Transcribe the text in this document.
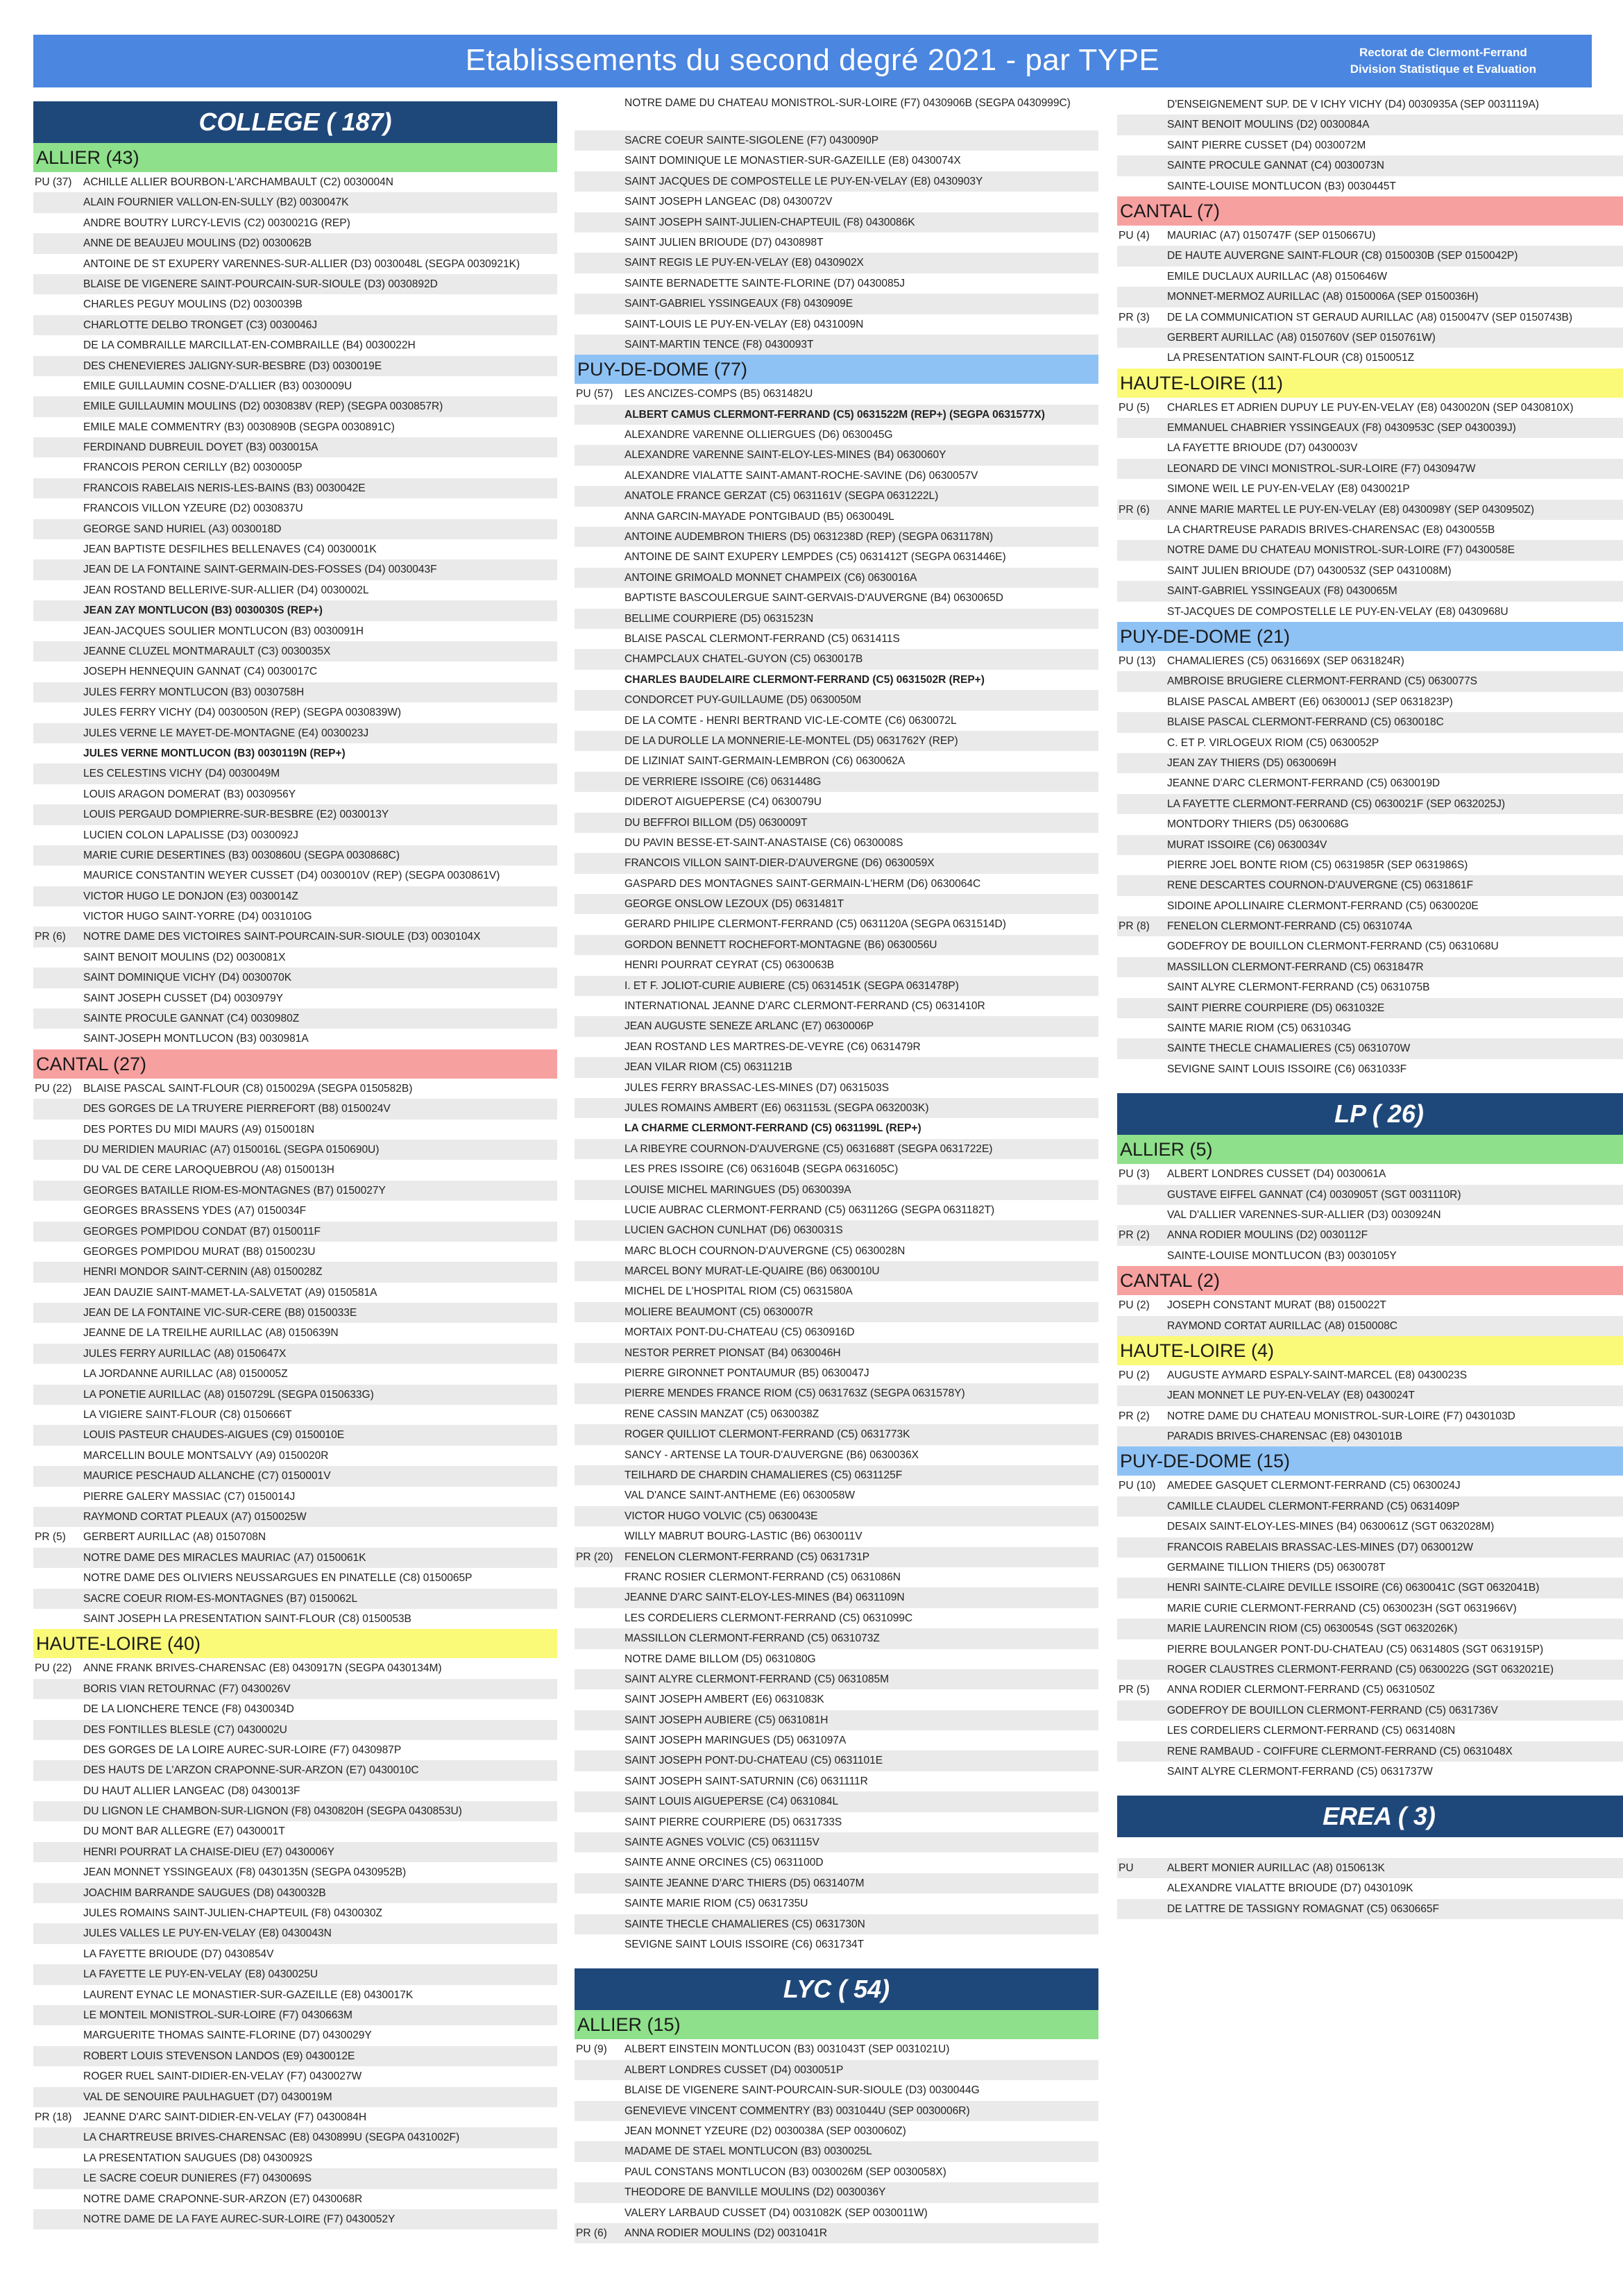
Etablissements du second degré 2021 - par TYPE	Rectorat de Clermont-Ferrand
Division Statistique et Evaluation
COLLEGE ( 187)
ALLIER (43)
PU (37) ACHILLE ALLIER BOURBON-L'ARCHAMBAULT (C2) 0030004N
ALAIN FOURNIER VALLON-EN-SULLY (B2) 0030047K
ANDRE BOUTRY LURCY-LEVIS (C2) 0030021G (REP)
ANNE DE BEAUJEU MOULINS (D2) 0030062B
ANTOINE DE ST EXUPERY VARENNES-SUR-ALLIER (D3) 0030048L (SEGPA 0030921K)
BLAISE DE VIGENERE SAINT-POURCAIN-SUR-SIOULE (D3) 0030892D
CHARLES PEGUY MOULINS (D2) 0030039B
CHARLOTTE DELBO TRONGET (C3) 0030046J
DE LA COMBRAILLE MARCILLAT-EN-COMBRAILLE (B4) 0030022H
DES CHENEVIERES JALIGNY-SUR-BESBRE (D3) 0030019E
EMILE GUILLAUMIN COSNE-D'ALLIER (B3) 0030009U
EMILE GUILLAUMIN MOULINS (D2) 0030838V (REP) (SEGPA 0030857R)
EMILE MALE COMMENTRY (B3) 0030890B (SEGPA 0030891C)
FERDINAND DUBREUIL DOYET (B3) 0030015A
FRANCOIS PERON CERILLY (B2) 0030005P
FRANCOIS RABELAIS NERIS-LES-BAINS (B3) 0030042E
FRANCOIS VILLON YZEURE (D2) 0030837U
GEORGE SAND HURIEL (A3) 0030018D
JEAN BAPTISTE DESFILHES BELLENAVES (C4) 0030001K
JEAN DE LA FONTAINE SAINT-GERMAIN-DES-FOSSES (D4) 0030043F
JEAN ROSTAND BELLERIVE-SUR-ALLIER (D4) 0030002L
JEAN ZAY MONTLUCON (B3) 0030030S (REP+)
JEAN-JACQUES SOULIER MONTLUCON (B3) 0030091H
JEANNE CLUZEL MONTMARAULT (C3) 0030035X
JOSEPH HENNEQUIN GANNAT (C4) 0030017C
JULES FERRY MONTLUCON (B3) 0030758H
JULES FERRY VICHY (D4) 0030050N (REP) (SEGPA 0030839W)
JULES VERNE LE MAYET-DE-MONTAGNE (E4) 0030023J
JULES VERNE MONTLUCON (B3) 0030119N (REP+)
LES CELESTINS VICHY (D4) 0030049M
LOUIS ARAGON DOMERAT (B3) 0030956Y
LOUIS PERGAUD DOMPIERRE-SUR-BESBRE (E2) 0030013Y
LUCIEN COLON LAPALISSE (D3) 0030092J
MARIE CURIE DESERTINES (B3) 0030860U (SEGPA 0030868C)
MAURICE CONSTANTIN WEYER CUSSET (D4) 0030010V (REP) (SEGPA 0030861V)
VICTOR HUGO LE DONJON (E3) 0030014Z
VICTOR HUGO SAINT-YORRE (D4) 0031010G
PR (6) NOTRE DAME DES VICTOIRES SAINT-POURCAIN-SUR-SIOULE (D3) 0030104X
SAINT BENOIT MOULINS (D2) 0030081X
SAINT DOMINIQUE VICHY (D4) 0030070K
SAINT JOSEPH CUSSET (D4) 0030979Y
SAINTE PROCULE GANNAT (C4) 0030980Z
SAINT-JOSEPH MONTLUCON (B3) 0030981A
CANTAL (27)
PU (22) BLAISE PASCAL SAINT-FLOUR (C8) 0150029A (SEGPA 0150582B)
DES GORGES DE LA TRUYERE PIERREFORT (B8) 0150024V
DES PORTES DU MIDI MAURS (A9) 0150018N
DU MERIDIEN MAURIAC (A7) 0150016L (SEGPA 0150690U)
DU VAL DE CERE LAROQUEBROU (A8) 0150013H
GEORGES BATAILLE RIOM-ES-MONTAGNES (B7) 0150027Y
GEORGES BRASSENS YDES (A7) 0150034F
GEORGES POMPIDOU CONDAT (B7) 0150011F
GEORGES POMPIDOU MURAT (B8) 0150023U
HENRI MONDOR SAINT-CERNIN (A8) 0150028Z
JEAN DAUZIE SAINT-MAMET-LA-SALVETAT (A9) 0150581A
JEAN DE LA FONTAINE VIC-SUR-CERE (B8) 0150033E
JEANNE DE LA TREILHE AURILLAC (A8) 0150639N
JULES FERRY AURILLAC (A8) 0150647X
LA JORDANNE AURILLAC (A8) 0150005Z
LA PONETIE AURILLAC (A8) 0150729L (SEGPA 0150633G)
LA VIGIERE SAINT-FLOUR (C8) 0150666T
LOUIS PASTEUR CHAUDES-AIGUES (C9) 0150010E
MARCELLIN BOULE MONTSALVY (A9) 0150020R
MAURICE PESCHAUD ALLANCHE (C7) 0150001V
PIERRE GALERY MASSIAC (C7) 0150014J
RAYMOND CORTAT PLEAUX (A7) 0150025W
PR (5) GERBERT AURILLAC (A8) 0150708N
NOTRE DAME DES MIRACLES MAURIAC (A7) 0150061K
NOTRE DAME DES OLIVIERS NEUSSARGUES EN PINATELLE (C8) 0150065P
SACRE COEUR RIOM-ES-MONTAGNES (B7) 0150062L
SAINT JOSEPH LA PRESENTATION SAINT-FLOUR (C8) 0150053B
HAUTE-LOIRE (40)
PU (22) ANNE FRANK BRIVES-CHARENSAC (E8) 0430917N (SEGPA 0430134M)
BORIS VIAN RETOURNAC (F7) 0430026V
DE LA LIONCHERE TENCE (F8) 0430034D
DES FONTILLES BLESLE (C7) 0430002U
DES GORGES DE LA LOIRE AUREC-SUR-LOIRE (F7) 0430987P
DES HAUTS DE L'ARZON CRAPONNE-SUR-ARZON (E7) 0430010C
DU HAUT ALLIER LANGEAC (D8) 0430013F
DU LIGNON LE CHAMBON-SUR-LIGNON (F8) 0430820H (SEGPA 0430853U)
DU MONT BAR ALLEGRE (E7) 0430001T
HENRI POURRAT LA CHAISE-DIEU (E7) 0430006Y
JEAN MONNET YSSINGEAUX (F8) 0430135N (SEGPA 0430952B)
JOACHIM BARRANDE SAUGUES (D8) 0430032B
JULES ROMAINS SAINT-JULIEN-CHAPTEUIL (F8) 0430030Z
JULES VALLES LE PUY-EN-VELAY (E8) 0430043N
LA FAYETTE BRIOUDE (D7) 0430854V
LA FAYETTE LE PUY-EN-VELAY (E8) 0430025U
LAURENT EYNAC LE MONASTIER-SUR-GAZEILLE (E8) 0430017K
LE MONTEIL MONISTROL-SUR-LOIRE (F7) 0430663M
MARGUERITE THOMAS SAINTE-FLORINE (D7) 0430029Y
ROBERT LOUIS STEVENSON LANDOS (E9) 0430012E
ROGER RUEL SAINT-DIDIER-EN-VELAY (F7) 0430027W
VAL DE SENOUIRE PAULHAGUET (D7) 0430019M
PR (18) JEANNE D'ARC SAINT-DIDIER-EN-VELAY (F7) 0430084H
LA CHARTREUSE BRIVES-CHARENSAC (E8) 0430899U (SEGPA 0431002F)
LA PRESENTATION SAUGUES (D8) 0430092S
LE SACRE COEUR DUNIERES (F7) 0430069S
NOTRE DAME CRAPONNE-SUR-ARZON (E7) 0430068R
NOTRE DAME DE LA FAYE AUREC-SUR-LOIRE (F7) 0430052Y
NOTRE DAME DU CHATEAU MONISTROL-SUR-LOIRE (F7) 0430906B (SEGPA 0430999C)
SACRE COEUR SAINTE-SIGOLENE (F7) 0430090P
SAINT DOMINIQUE LE MONASTIER-SUR-GAZEILLE (E8) 0430074X
SAINT JACQUES DE COMPOSTELLE LE PUY-EN-VELAY (E8) 0430903Y
SAINT JOSEPH LANGEAC (D8) 0430072V
SAINT JOSEPH SAINT-JULIEN-CHAPTEUIL (F8) 0430086K
SAINT JULIEN BRIOUDE (D7) 0430898T
SAINT REGIS LE PUY-EN-VELAY (E8) 0430902X
SAINTE BERNADETTE SAINTE-FLORINE (D7) 0430085J
SAINT-GABRIEL YSSINGEAUX (F8) 0430909E
SAINT-LOUIS LE PUY-EN-VELAY (E8) 0431009N
SAINT-MARTIN TENCE (F8) 0430093T
PUY-DE-DOME (77)
PU (57) LES ANCIZES-COMPS (B5) 0631482U
ALBERT CAMUS CLERMONT-FERRAND (C5) 0631522M (REP+) (SEGPA 0631577X)
ALEXANDRE VARENNE OLLIERGUES (D6) 0630045G
ALEXANDRE VARENNE SAINT-ELOY-LES-MINES (B4) 0630060Y
ALEXANDRE VIALATTE SAINT-AMANT-ROCHE-SAVINE (D6) 0630057V
ANATOLE FRANCE GERZAT (C5) 0631161V (SEGPA 0631222L)
ANNA GARCIN-MAYADE PONTGIBAUD (B5) 0630049L
ANTOINE AUDEMBRON THIERS (D5) 0631238D (REP) (SEGPA 0631178N)
ANTOINE DE SAINT EXUPERY LEMPDES (C5) 0631412T (SEGPA 0631446E)
ANTOINE GRIMOALD MONNET CHAMPEIX (C6) 0630016A
BAPTISTE BASCOULERGUE SAINT-GERVAIS-D'AUVERGNE (B4) 0630065D
BELLIME COURPIERE (D5) 0631523N
BLAISE PASCAL CLERMONT-FERRAND (C5) 0631411S
CHAMPCLAUX CHATEL-GUYON (C5) 0630017B
CHARLES BAUDELAIRE CLERMONT-FERRAND (C5) 0631502R (REP+)
CONDORCET PUY-GUILLAUME (D5) 0630050M
DE LA COMTE - HENRI BERTRAND VIC-LE-COMTE (C6) 0630072L
DE LA DUROLLE LA MONNERIE-LE-MONTEL (D5) 0631762Y (REP)
DE LIZINIAT SAINT-GERMAIN-LEMBRON (C6) 0630062A
DE VERRIERE ISSOIRE (C6) 0631448G
DIDEROT AIGUEPERSE (C4) 0630079U
DU BEFFROI BILLOM (D5) 0630009T
DU PAVIN BESSE-ET-SAINT-ANASTAISE (C6) 0630008S
FRANCOIS VILLON SAINT-DIER-D'AUVERGNE (D6) 0630059X
GASPARD DES MONTAGNES SAINT-GERMAIN-L'HERM (D6) 0630064C
GEORGE ONSLOW LEZOUX (D5) 0631481T
GERARD PHILIPE CLERMONT-FERRAND (C5) 0631120A (SEGPA 0631514D)
GORDON BENNETT ROCHEFORT-MONTAGNE (B6) 0630056U
HENRI POURRAT CEYRAT (C5) 0630063B
I. ET F. JOLIOT-CURIE AUBIERE (C5) 0631451K (SEGPA 0631478P)
INTERNATIONAL JEANNE D'ARC CLERMONT-FERRAND (C5) 0631410R
JEAN AUGUSTE SENEZE ARLANC (E7) 0630006P
JEAN ROSTAND LES MARTRES-DE-VEYRE (C6) 0631479R
JEAN VILAR RIOM (C5) 0631121B
JULES FERRY BRASSAC-LES-MINES (D7) 0631503S
JULES ROMAINS AMBERT (E6) 0631153L (SEGPA 0632003K)
LA CHARME CLERMONT-FERRAND (C5) 0631199L (REP+)
LA RIBEYRE COURNON-D'AUVERGNE (C5) 0631688T (SEGPA 0631722E)
LES PRES ISSOIRE (C6) 0631604B (SEGPA 0631605C)
LOUISE MICHEL MARINGUES (D5) 0630039A
LUCIE AUBRAC CLERMONT-FERRAND (C5) 0631126G (SEGPA 0631182T)
LUCIEN GACHON CUNLHAT (D6) 0630031S
MARC BLOCH COURNON-D'AUVERGNE (C5) 0630028N
MARCEL BONY MURAT-LE-QUAIRE (B6) 0630010U
MICHEL DE L'HOSPITAL RIOM (C5) 0631580A
MOLIERE BEAUMONT (C5) 0630007R
MORTAIX PONT-DU-CHATEAU (C5) 0630916D
NESTOR PERRET PIONSAT (B4) 0630046H
PIERRE GIRONNET PONTAUMUR (B5) 0630047J
PIERRE MENDES FRANCE RIOM (C5) 0631763Z (SEGPA 0631578Y)
RENE CASSIN MANZAT (C5) 0630038Z
ROGER QUILLIOT CLERMONT-FERRAND (C5) 0631773K
SANCY - ARTENSE LA TOUR-D'AUVERGNE (B6) 0630036X
TEILHARD DE CHARDIN CHAMALIERES (C5) 0631125F
VAL D'ANCE SAINT-ANTHEME (E6) 0630058W
VICTOR HUGO VOLVIC (C5) 0630043E
WILLY MABRUT BOURG-LASTIC (B6) 0630011V
PR (20) FENELON CLERMONT-FERRAND (C5) 0631731P
FRANC ROSIER CLERMONT-FERRAND (C5) 0631086N
JEANNE D'ARC SAINT-ELOY-LES-MINES (B4) 0631109N
LES CORDELIERS CLERMONT-FERRAND (C5) 0631099C
MASSILLON CLERMONT-FERRAND (C5) 0631073Z
NOTRE DAME BILLOM (D5) 0631080G
SAINT ALYRE CLERMONT-FERRAND (C5) 0631085M
SAINT JOSEPH AMBERT (E6) 0631083K
SAINT JOSEPH AUBIERE (C5) 0631081H
SAINT JOSEPH MARINGUES (D5) 0631097A
SAINT JOSEPH PONT-DU-CHATEAU (C5) 0631101E
SAINT JOSEPH SAINT-SATURNIN (C6) 0631111R
SAINT LOUIS AIGUEPERSE (C4) 0631084L
SAINT PIERRE COURPIERE (D5) 0631733S
SAINTE AGNES VOLVIC (C5) 0631115V
SAINTE ANNE ORCINES (C5) 0631100D
SAINTE JEANNE D'ARC THIERS (D5) 0631407M
SAINTE MARIE RIOM (C5) 0631735U
SAINTE THECLE CHAMALIERES (C5) 0631730N
SEVIGNE SAINT LOUIS ISSOIRE (C6) 0631734T
LYC ( 54)
ALLIER (15)
PU (9) ALBERT EINSTEIN MONTLUCON (B3) 0031043T (SEP 0031021U)
ALBERT LONDRES CUSSET (D4) 0030051P
BLAISE DE VIGENERE SAINT-POURCAIN-SUR-SIOULE (D3) 0030044G
GENEVIEVE VINCENT COMMENTRY (B3) 0031044U (SEP 0030006R)
JEAN MONNET YZEURE (D2) 0030038A (SEP 0030060Z)
MADAME DE STAEL MONTLUCON (B3) 0030025L
PAUL CONSTANS MONTLUCON (B3) 0030026M (SEP 0030058X)
THEODORE DE BANVILLE MOULINS (D2) 0030036Y
VALERY LARBAUD CUSSET (D4) 0031082K (SEP 0030011W)
PR (6) ANNA RODIER MOULINS (D2) 0031041R
D'ENSEIGNEMENT SUP. DE V ICHY VICHY (D4) 0030935A (SEP 0031119A)
SAINT BENOIT MOULINS (D2) 0030084A
SAINT PIERRE CUSSET (D4) 0030072M
SAINTE PROCULE GANNAT (C4) 0030073N
SAINTE-LOUISE MONTLUCON (B3) 0030445T
CANTAL (7)
PU (4) MAURIAC (A7) 0150747F (SEP 0150667U)
DE HAUTE AUVERGNE SAINT-FLOUR (C8) 0150030B (SEP 0150042P)
EMILE DUCLAUX AURILLAC (A8) 0150646W
MONNET-MERMOZ AURILLAC (A8) 0150006A (SEP 0150036H)
PR (3) DE LA COMMUNICATION ST GERAUD AURILLAC (A8) 0150047V (SEP 0150743B)
GERBERT AURILLAC (A8) 0150760V (SEP 0150761W)
LA PRESENTATION SAINT-FLOUR (C8) 0150051Z
HAUTE-LOIRE (11)
PU (5) CHARLES ET ADRIEN DUPUY LE PUY-EN-VELAY (E8) 0430020N (SEP 0430810X)
EMMANUEL CHABRIER YSSINGEAUX (F8) 0430953C (SEP 0430039J)
LA FAYETTE BRIOUDE (D7) 0430003V
LEONARD DE VINCI MONISTROL-SUR-LOIRE (F7) 0430947W
SIMONE WEIL LE PUY-EN-VELAY (E8) 0430021P
PR (6) ANNE MARIE MARTEL LE PUY-EN-VELAY (E8) 0430098Y (SEP 0430950Z)
LA CHARTREUSE PARADIS BRIVES-CHARENSAC (E8) 0430055B
NOTRE DAME DU CHATEAU MONISTROL-SUR-LOIRE (F7) 0430058E
SAINT JULIEN BRIOUDE (D7) 0430053Z (SEP 0431008M)
SAINT-GABRIEL YSSINGEAUX (F8) 0430065M
ST-JACQUES DE COMPOSTELLE LE PUY-EN-VELAY (E8) 0430968U
PUY-DE-DOME (21)
PU (13) CHAMALIERES (C5) 0631669X (SEP 0631824R)
AMBROISE BRUGIERE CLERMONT-FERRAND (C5) 0630077S
BLAISE PASCAL AMBERT (E6) 0630001J (SEP 0631823P)
BLAISE PASCAL CLERMONT-FERRAND (C5) 0630018C
C. ET P. VIRLOGEUX RIOM (C5) 0630052P
JEAN ZAY THIERS (D5) 0630069H
JEANNE D'ARC CLERMONT-FERRAND (C5) 0630019D
LA FAYETTE CLERMONT-FERRAND (C5) 0630021F (SEP 0632025J)
MONTDORY THIERS (D5) 0630068G
MURAT ISSOIRE (C6) 0630034V
PIERRE JOEL BONTE RIOM (C5) 0631985R (SEP 0631986S)
RENE DESCARTES COURNON-D'AUVERGNE (C5) 0631861F
SIDOINE APOLLINAIRE CLERMONT-FERRAND (C5) 0630020E
PR (8) FENELON CLERMONT-FERRAND (C5) 0631074A
GODEFROY DE BOUILLON CLERMONT-FERRAND (C5) 0631068U
MASSILLON CLERMONT-FERRAND (C5) 0631847R
SAINT ALYRE CLERMONT-FERRAND (C5) 0631075B
SAINT PIERRE COURPIERE (D5) 0631032E
SAINTE MARIE RIOM (C5) 0631034G
SAINTE THECLE CHAMALIERES (C5) 0631070W
SEVIGNE SAINT LOUIS ISSOIRE (C6) 0631033F
LP ( 26)
ALLIER (5)
PU (3) ALBERT LONDRES CUSSET (D4) 0030061A
GUSTAVE EIFFEL GANNAT (C4) 0030905T (SGT 0031110R)
VAL D'ALLIER VARENNES-SUR-ALLIER (D3) 0030924N
PR (2) ANNA RODIER MOULINS (D2) 0030112F
SAINTE-LOUISE MONTLUCON (B3) 0030105Y
CANTAL (2)
PU (2) JOSEPH CONSTANT MURAT (B8) 0150022T
RAYMOND CORTAT AURILLAC (A8) 0150008C
HAUTE-LOIRE (4)
PU (2) AUGUSTE AYMARD ESPALY-SAINT-MARCEL (E8) 0430023S
JEAN MONNET LE PUY-EN-VELAY (E8) 0430024T
PR (2) NOTRE DAME DU CHATEAU MONISTROL-SUR-LOIRE (F7) 0430103D
PARADIS BRIVES-CHARENSAC (E8) 0430101B
PUY-DE-DOME (15)
PU (10) AMEDEE GASQUET CLERMONT-FERRAND (C5) 0630024J
CAMILLE CLAUDEL CLERMONT-FERRAND (C5) 0631409P
DESAIX SAINT-ELOY-LES-MINES (B4) 0630061Z (SGT 0632028M)
FRANCOIS RABELAIS BRASSAC-LES-MINES (D7) 0630012W
GERMAINE TILLION THIERS (D5) 0630078T
HENRI SAINTE-CLAIRE DEVILLE ISSOIRE (C6) 0630041C (SGT 0632041B)
MARIE CURIE CLERMONT-FERRAND (C5) 0630023H (SGT 0631966V)
MARIE LAURENCIN RIOM (C5) 0630054S (SGT 0632026K)
PIERRE BOULANGER PONT-DU-CHATEAU (C5) 0631480S (SGT 0631915P)
ROGER CLAUSTRES CLERMONT-FERRAND (C5) 0630022G (SGT 0632021E)
PR (5) ANNA RODIER CLERMONT-FERRAND (C5) 0631050Z
GODEFROY DE BOUILLON CLERMONT-FERRAND (C5) 0631736V
LES CORDELIERS CLERMONT-FERRAND (C5) 0631408N
RENE RAMBAUD - COIFFURE CLERMONT-FERRAND (C5) 0631048X
SAINT ALYRE CLERMONT-FERRAND (C5) 0631737W
EREA ( 3)
PU	ALBERT MONIER AURILLAC (A8) 0150613K
ALEXANDRE VIALATTE BRIOUDE (D7) 0430109K
DE LATTRE DE TASSIGNY ROMAGNAT (C5) 0630665F
